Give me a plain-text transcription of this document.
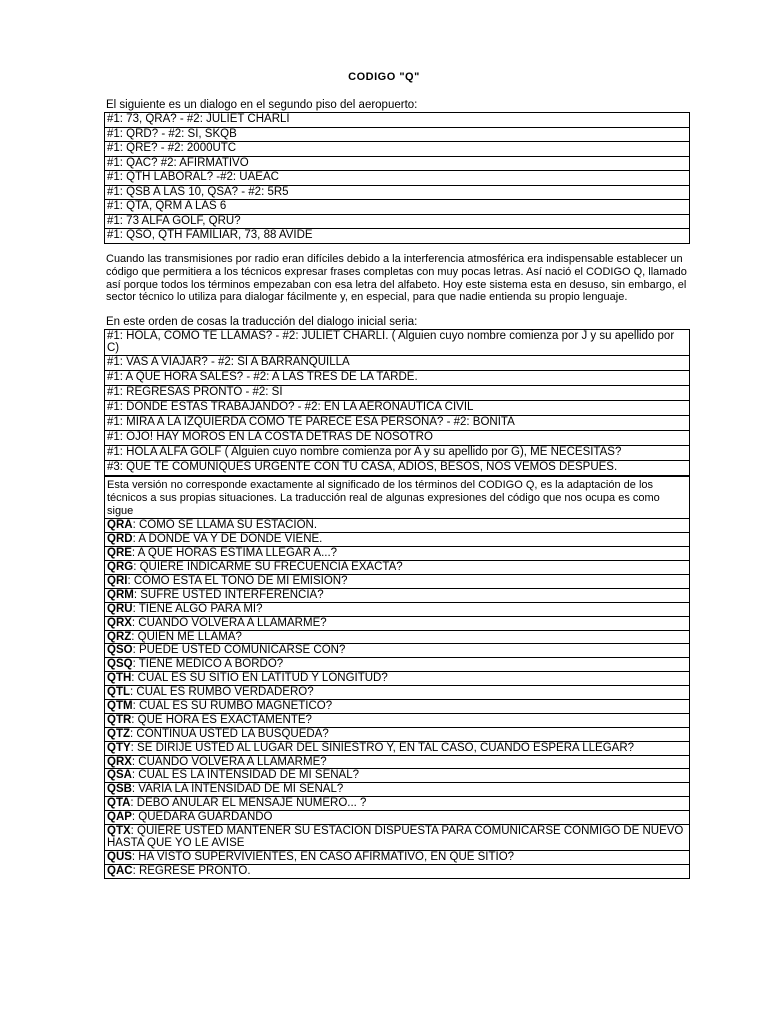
CODIGO "Q"
El siguiente es un dialogo en el segundo piso del aeropuerto:
#1: 73, QRA? - #2: JULIET CHARLI
#1: QRD? - #2: SI, SKQB
#1: QRE? - #2: 2000UTC
#1: QAC? #2: AFIRMATIVO
#1: QTH LABORAL? -#2: UAEAC
#1: QSB A LAS 10, QSA? - #2: 5R5
#1: QTA, QRM A LAS 6
#1: 73 ALFA GOLF, QRU?
#1: QSO, QTH FAMILIAR, 73, 88 AVIDE
Cuando las transmisiones por radio eran difíciles debido a la interferencia atmosférica era indispensable establecer un código que permitiera a los técnicos expresar frases completas con muy pocas letras. Así nació el CODIGO Q, llamado así porque todos los términos empezaban con esa letra del alfabeto. Hoy este sistema esta en desuso, sin embargo, el sector técnico lo utiliza para dialogar fácilmente y, en especial, para que nadie entienda su propio lenguaje.
En este orden de cosas la traducción del dialogo inicial seria:
#1: HOLA, COMO TE LLAMAS? - #2: JULIET CHARLI. ( Alguien cuyo nombre comienza por J y su apellido por C)
#1: VAS A VIAJAR? - #2: SI A BARRANQUILLA
#1: A QUE HORA SALES? - #2: A LAS TRES DE LA TARDE.
#1: REGRESAS PRONTO - #2: SI
#1: DONDE ESTAS TRABAJANDO? - #2: EN LA AERONAUTICA CIVIL
#1: MIRA A LA IZQUIERDA COMO TE PARECE ESA PERSONA? - #2: BONITA
#1: OJO! HAY MOROS EN LA COSTA DETRÁS DE NOSOTRO
#1: HOLA ALFA GOLF ( Alguien cuyo nombre comienza por A y su apellido por G), ME NECESITAS?
#3: QUE TE COMUNIQUES URGENTE CON TU CASA, ADIOS, BESOS, NOS VEMOS DESPUES.
Esta versión no corresponde exactamente al significado de los términos del CODIGO Q, es la adaptación de los técnicos a sus propias situaciones. La traducción real de algunas expresiones del código que nos ocupa es como sigue
QRA: COMO SE LLAMA SU ESTACION.
QRD: A DONDE VA Y DE DONDE VIENE.
QRE: A QUE HORAS ESTIMA LLEGAR A...?
QRG: QUIERE INDICARME SU FRECUENCIA EXACTA?
QRI: COMO ESTA EL TONO DE MI EMISION?
QRM: SUFRE USTED INTERFERENCIA?
QRU: TIENE ALGO PARA MI?
QRX: CUANDO VOLVERA A LLAMARME?
QRZ: QUIEN ME LLAMA?
QSO: PUEDE USTED COMUNICARSE CON?
QSQ: TIENE MEDICO A BORDO?
QTH: CUAL ES SU SITIO EN LATITUD Y LONGITUD?
QTL: CUAL ES RUMBO VERDADERO?
QTM: CUAL ES SU RUMBO MAGNETICO?
QTR: QUE HORA ES EXACTAMENTE?
QTZ: CONTINUA USTED LA BUSQUEDA?
QTY: SE DIRIJE USTED AL LUGAR DEL SINIESTRO Y, EN TAL CASO, CUANDO ESPERA LLEGAR?
QRX: CUANDO VOLVERA A LLAMARME?
QSA: CUAL ES LA INTENSIDAD DE MI SEÑAL?
QSB: VARIA LA INTENSIDAD DE MI SEÑAL?
QTA: DEBO ANULAR EL MENSAJE NUMERO... ?
QAP: QUEDARA GUARDANDO
QTX: QUIERE USTED MANTENER SU ESTACION DISPUESTA PARA COMUNICARSE CONMIGO DE NUEVO HASTA QUE YO LE AVISE
QUS: HA VISTO SUPERVIVIENTES, EN CASO AFIRMATIVO, EN QUE SITIO?
QAC: REGRESE PRONTO.
